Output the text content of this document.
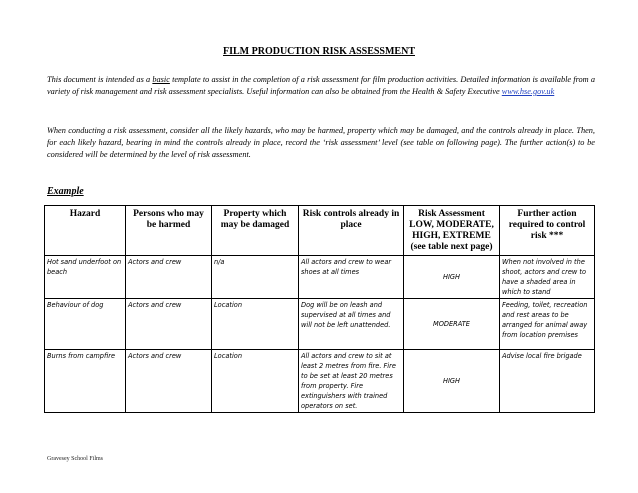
FILM PRODUCTION RISK ASSESSMENT
This document is intended as a basic template to assist in the completion of a risk assessment for film production activities. Detailed information is available from a variety of risk management and risk assessment specialists. Useful information can also be obtained from the Health & Safety Executive www.hse.gov.uk
When conducting a risk assessment, consider all the likely hazards, who may be harmed, property which may be damaged, and the controls already in place. Then, for each likely hazard, bearing in mind the controls already in place, record the ‘risk assessment’ level (see table on following page). The further action(s) to be considered will be determined by the level of risk assessment.
Example
Hazard	Persons who may be harmed	Property which may be damaged	Risk controls already in place	Risk Assessment LOW, MODERATE, HIGH, EXTREME (see table next page)	Further action required to control risk ***
Hot sand underfoot on beach	Actors and crew	n/a	All actors and crew to wear shoes at all times	HIGH	When not involved in the shoot, actors and crew to have a shaded area in which to stand
Behaviour of dog	Actors and crew	Location	Dog will be on leash and supervised at all times and will not be left unattended.	MODERATE	Feeding, toilet, recreation and rest areas to be arranged for animal away from location premises
Burns from campfire	Actors and crew	Location	All actors and crew to sit at least 2 metres from fire. Fire to be set at least 20 metres from property. Fire extinguishers with trained operators on set.	HIGH	Advise local fire brigade
Gravesey School Films
